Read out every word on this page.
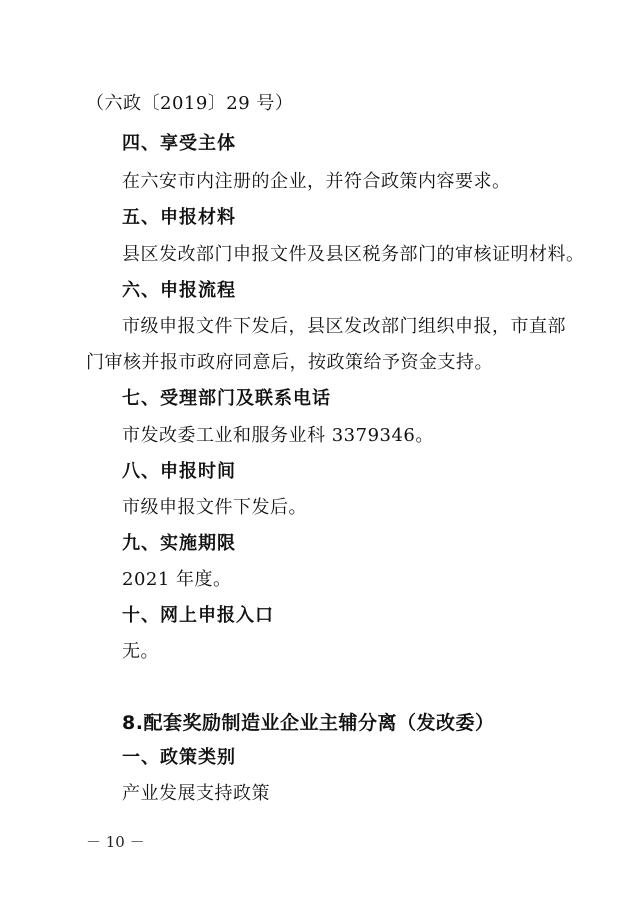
（六政〔2019〕29 号）
四、享受主体
在六安市内注册的企业，并符合政策内容要求。
五、申报材料
县区发改部门申报文件及县区税务部门的审核证明材料。
六、申报流程
市级申报文件下发后，县区发改部门组织申报，市直部
门审核并报市政府同意后，按政策给予资金支持。
七、受理部门及联系电话
市发改委工业和服务业科 3379346。
八、申报时间
市级申报文件下发后。
九、实施期限
2021 年度。
十、网上申报入口
无。
8.配套奖励制造业企业主辅分离（发改委）
一、政策类别
产业发展支持政策
－ 10 －
